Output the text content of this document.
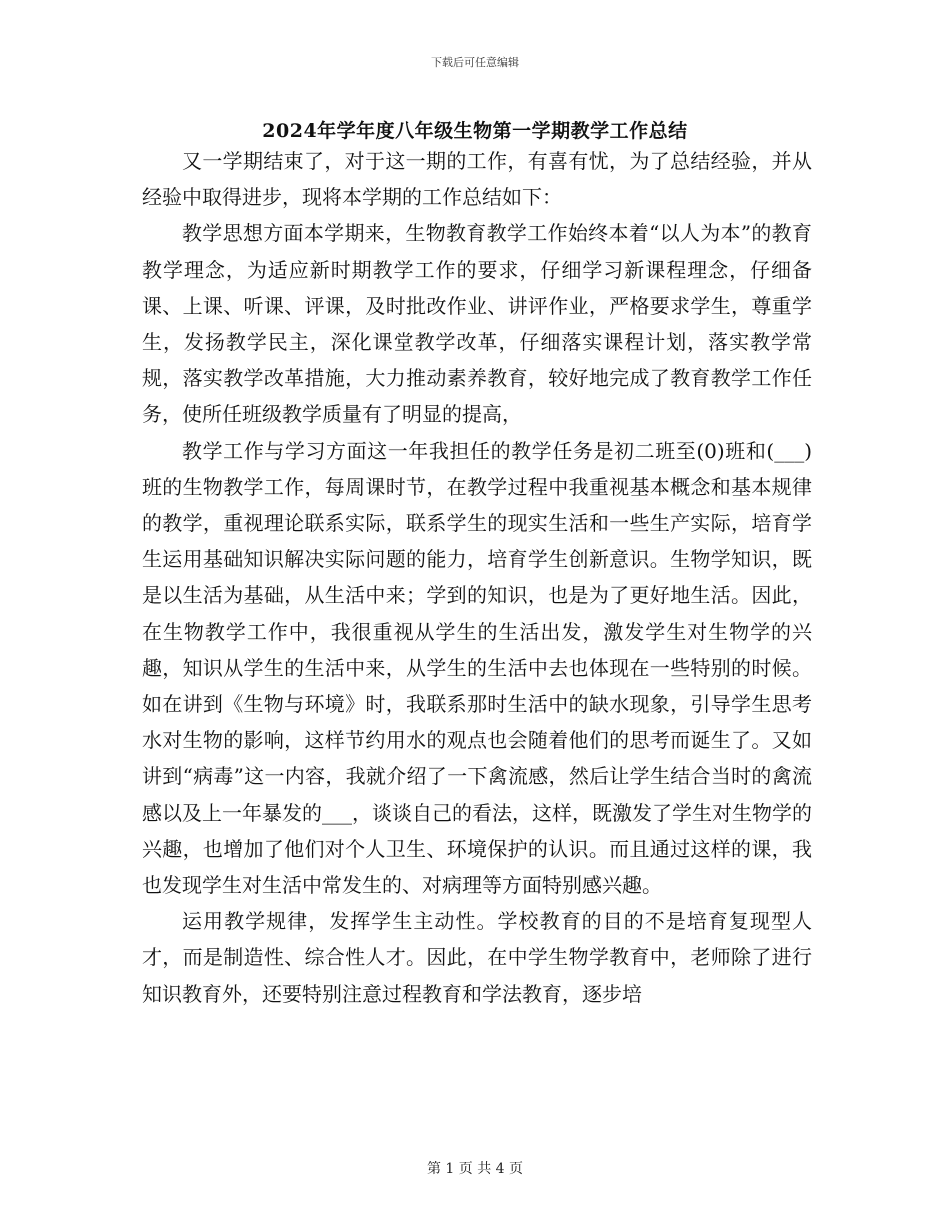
下载后可任意编辑
2024年学年度八年级生物第一学期教学工作总结

又一学期结束了，对于这一期的工作，有喜有忧，为了总结经验，并从经验中取得进步，现将本学期的工作总结如下：

教学思想方面本学期来，生物教育教学工作始终本着“以人为本”的教育教学理念，为适应新时期教学工作的要求，仔细学习新课程理念，仔细备课、上课、听课、评课，及时批改作业、讲评作业，严格要求学生，尊重学生，发扬教学民主，深化课堂教学改革，仔细落实课程计划，落实教学常规，落实教学改革措施，大力推动素养教育，较好地完成了教育教学工作任务，使所任班级教学质量有了明显的提高，

教学工作与学习方面这一年我担任的教学任务是初二班至(0)班和(___)班的生物教学工作，每周课时节，在教学过程中我重视基本概念和基本规律的教学，重视理论联系实际，联系学生的现实生活和一些生产实际，培育学生运用基础知识解决实际问题的能力，培育学生创新意识。生物学知识，既是以生活为基础，从生活中来；学到的知识，也是为了更好地生活。因此，在生物教学工作中，我很重视从学生的生活出发，激发学生对生物学的兴趣，知识从学生的生活中来，从学生的生活中去也体现在一些特别的时候。如在讲到《生物与环境》时，我联系那时生活中的缺水现象，引导学生思考水对生物的影响，这样节约用水的观点也会随着他们的思考而诞生了。又如讲到“病毒”这一内容，我就介绍了一下禽流感，然后让学生结合当时的禽流感以及上一年暴发的___，谈谈自己的看法，这样，既激发了学生对生物学的兴趣，也增加了他们对个人卫生、环境保护的认识。而且通过这样的课，我也发现学生对生活中常发生的、对病理等方面特别感兴趣。

运用教学规律，发挥学生主动性。学校教育的目的不是培育复现型人才，而是制造性、综合性人才。因此，在中学生物学教育中，老师除了进行知识教育外，还要特别注意过程教育和学法教育，逐步培

第 1 页 共 4 页
